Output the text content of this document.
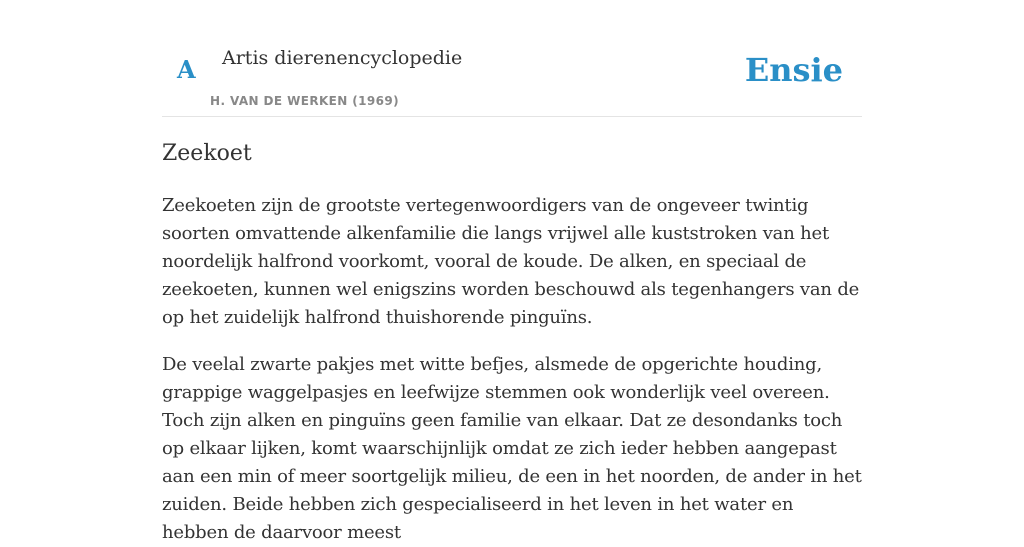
A Artis dierenencyclopedie
H. VAN DE WERKEN (1969)
Ensie
Zeekoet

Zeekoeten zijn de grootste vertegenwoordigers van de ongeveer twintig soorten omvattende alkenfamilie die langs vrijwel alle kuststroken van het noordelijk halfrond voorkomt, vooral de koude. De alken, en speciaal de zeekoeten, kunnen wel enigszins worden beschouwd als tegenhangers van de op het zuidelijk halfrond thuishorende pinguïns.

De veelal zwarte pakjes met witte befjes, alsmede de opgerichte houding, grappige waggelpasjes en leefwijze stemmen ook wonderlijk veel overeen. Toch zijn alken en pinguïns geen familie van elkaar. Dat ze desondanks toch op elkaar lijken, komt waarschijnlijk omdat ze zich ieder hebben aangepast aan een min of meer soortgelijk milieu, de een in het noorden, de ander in het zuiden. Beide hebben zich gespecialiseerd in het leven in het water en hebben de daarvoor meest
